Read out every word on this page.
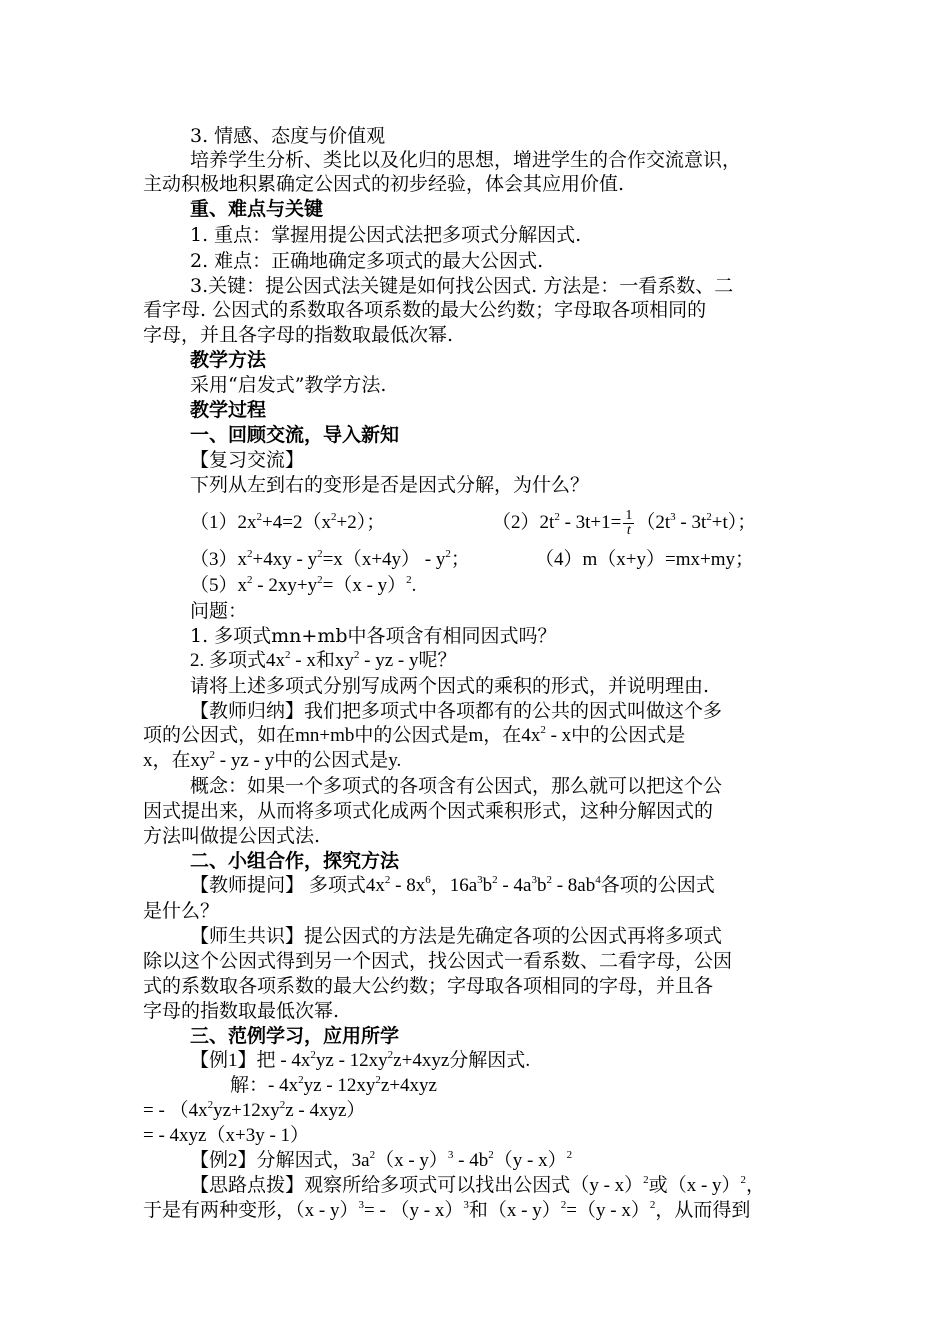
3. 情感、态度与价值观
培养学生分析、类比以及化归的思想，增进学生的合作交流意识，
主动积极地积累确定公因式的初步经验，体会其应用价值.
重、难点与关键
1. 重点：掌握用提公因式法把多项式分解因式.
2. 难点：正确地确定多项式的最大公因式.
3.关键：提公因式法关键是如何找公因式. 方法是：一看系数、二
看字母. 公因式的系数取各项系数的最大公约数；字母取各项相同的
字母，并且各字母的指数取最低次幂.
教学方法
采用“启发式”教学方法.
教学过程
一、回顾交流，导入新知
【复习交流】
下列从左到右的变形是否是因式分解，为什么？
$(1)2x^2+4=2(x^2+2)$；	$(2)2t^2 - 3t+1= \frac{1}{t} (2t^3 - 3t^2+t)$；
$(3)x^2+4xy - y^2=x(x+4y) - y^2$；	（4）m（x+y）=mx+my；
$(5)x^2 - 2xy+y^2=(x - y)^2$.
问题：
1. 多项式mn+mb中各项含有相同因式吗？
2. 多项式$4x^2$ - x和$xy^2$ - yz - y呢？
请将上述多项式分别写成两个因式的乘积的形式，并说明理由.
【教师归纳】我们把多项式中各项都有的公共的因式叫做这个多
项的公因式，如在mn+mb中的公因式是m，在$4x^2$ - x中的公因式是
x，在$xy^2$ - yz - y中的公因式是y.
概念：如果一个多项式的各项含有公因式，那么就可以把这个公
因式提出来，从而将多项式化成两个因式乘积形式，这种分解因式的
方法叫做提公因式法.
二、小组合作，探究方法
【教师提问】 多项式$4x^2 - 8x^6$，$16a^3b^2 - 4a^3b^2 - 8ab^4$各项的公因式
是什么？
【师生共识】提公因式的方法是先确定各项的公因式再将多项式
除以这个公因式得到另一个因式，找公因式一看系数、二看字母，公因
式的系数取各项系数的最大公约数；字母取各项相同的字母，并且各
字母的指数取最低次幂.
三、范例学习，应用所学
【例1】把 - $4x^2yz - 12xy^2z+4xyz$分解因式.
解：- $4x^2yz - 12xy^2z+4xyz$
= - $(4x^2yz+12xy^2z - 4xyz)$
= - 4xyz（x+3y - 1）
【例2】分解因式，$3a^2(x - y)^3 - 4b^2(y - x)^2$
【思路点拨】观察所给多项式可以找出公因式（y - x）$^2$或（x - y）$^2$，
于是有两种变形，（x - y）$^3$= - （y - x）$^3$和（x - y）$^2$=（y - x）$^2$，从而得到
